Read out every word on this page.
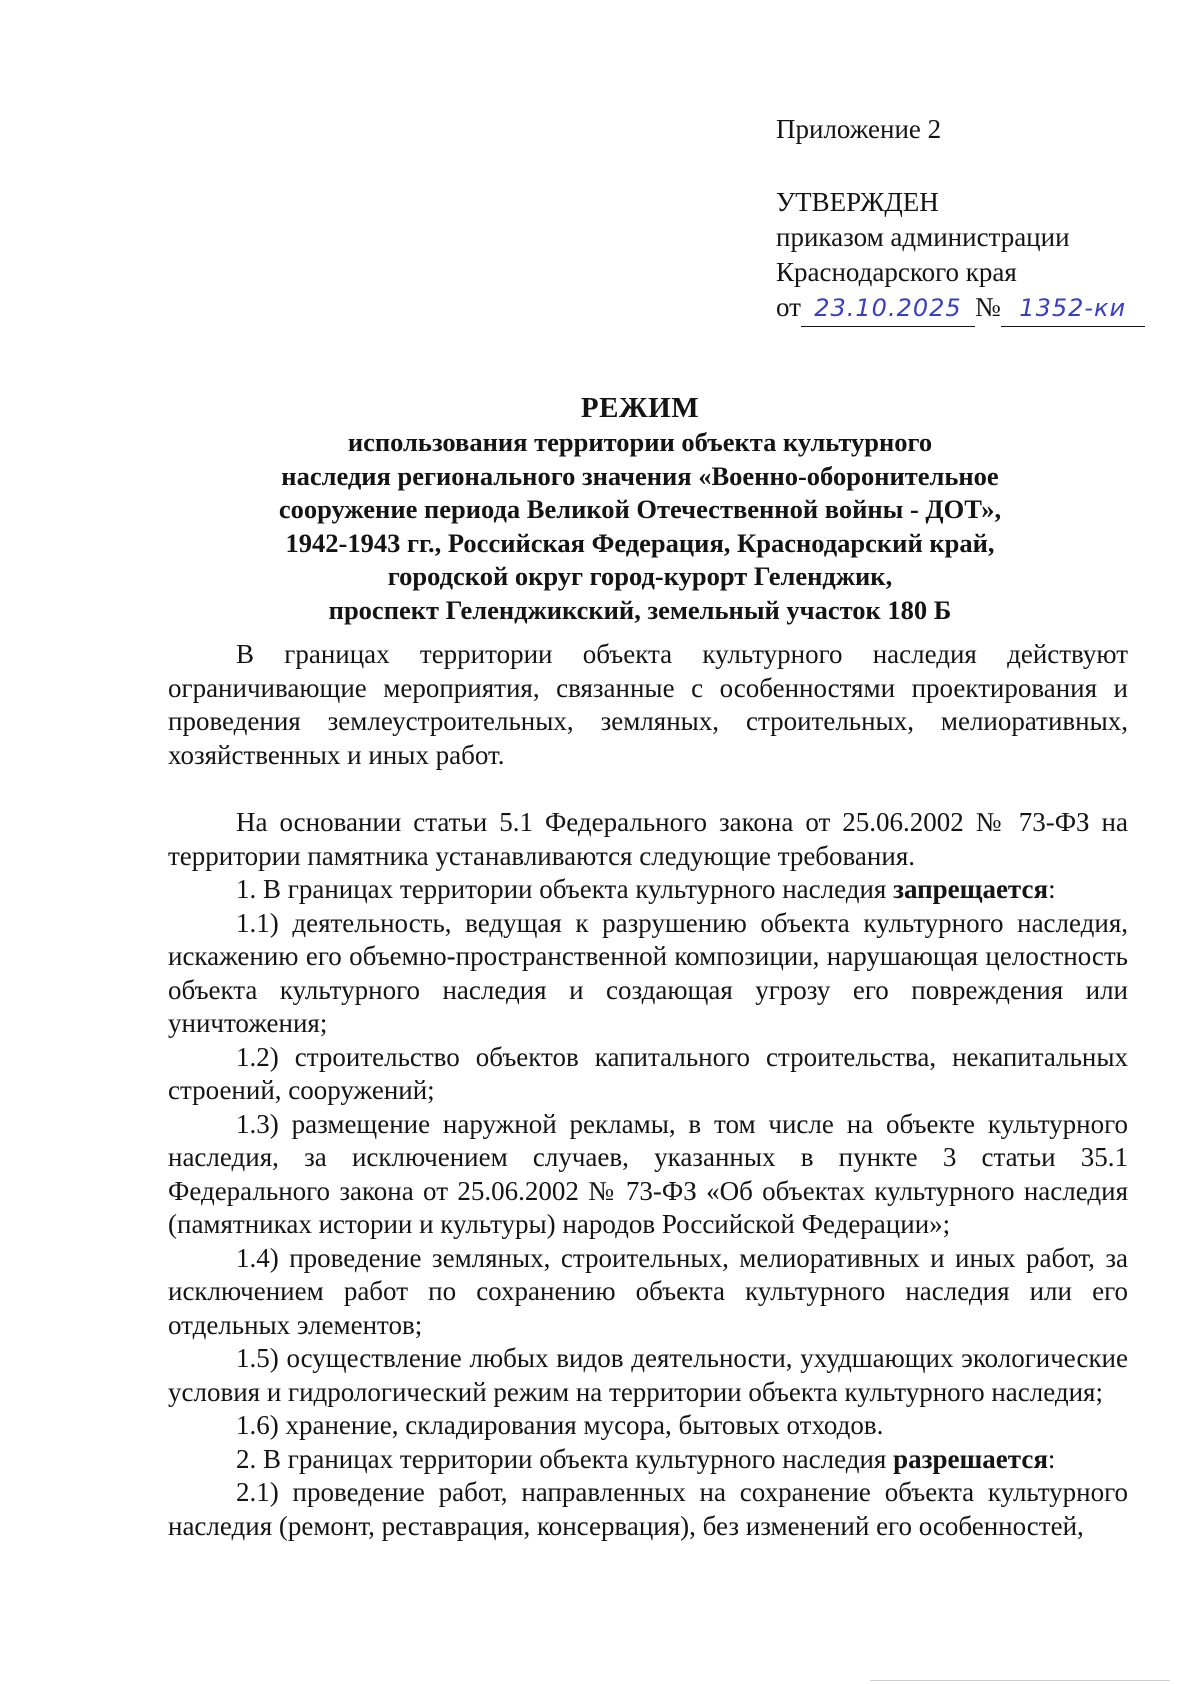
Приложение 2
УТВЕРЖДЕН
приказом администрации
Краснодарского края
от 23.10.2025 № 1352-ки
РЕЖИМ
использования территории объекта культурного
наследия регионального значения «Военно-оборонительное
сооружение периода Великой Отечественной войны - ДОТ»,
1942-1943 гг., Российская Федерация, Краснодарский край,
городской округ город-курорт Геленджик,
проспект Геленджикский, земельный участок 180 Б

В границах территории объекта культурного наследия действуют ограничивающие мероприятия, связанные с особенностями проектирования и проведения землеустроительных, земляных, строительных, мелиоративных, хозяйственных и иных работ.

На основании статьи 5.1 Федерального закона от 25.06.2002 № 73-ФЗ на территории памятника устанавливаются следующие требования.

1. В границах территории объекта культурного наследия запрещается:

1.1) деятельность, ведущая к разрушению объекта культурного наследия, искажению его объемно-пространственной композиции, нарушающая целостность объекта культурного наследия и создающая угрозу его повреждения или уничтожения;

1.2) строительство объектов капитального строительства, некапитальных строений, сооружений;

1.3) размещение наружной рекламы, в том числе на объекте культурного наследия, за исключением случаев, указанных в пункте 3 статьи 35.1 Федерального закона от 25.06.2002 № 73-ФЗ «Об объектах культурного наследия (памятниках истории и культуры) народов Российской Федерации»;

1.4) проведение земляных, строительных, мелиоративных и иных работ, за исключением работ по сохранению объекта культурного наследия или его отдельных элементов;

1.5) осуществление любых видов деятельности, ухудшающих экологические условия и гидрологический режим на территории объекта культурного наследия;

1.6) хранение, складирования мусора, бытовых отходов.

2. В границах территории объекта культурного наследия разрешается:

2.1) проведение работ, направленных на сохранение объекта культурного наследия (ремонт, реставрация, консервация), без изменений его особенностей,
